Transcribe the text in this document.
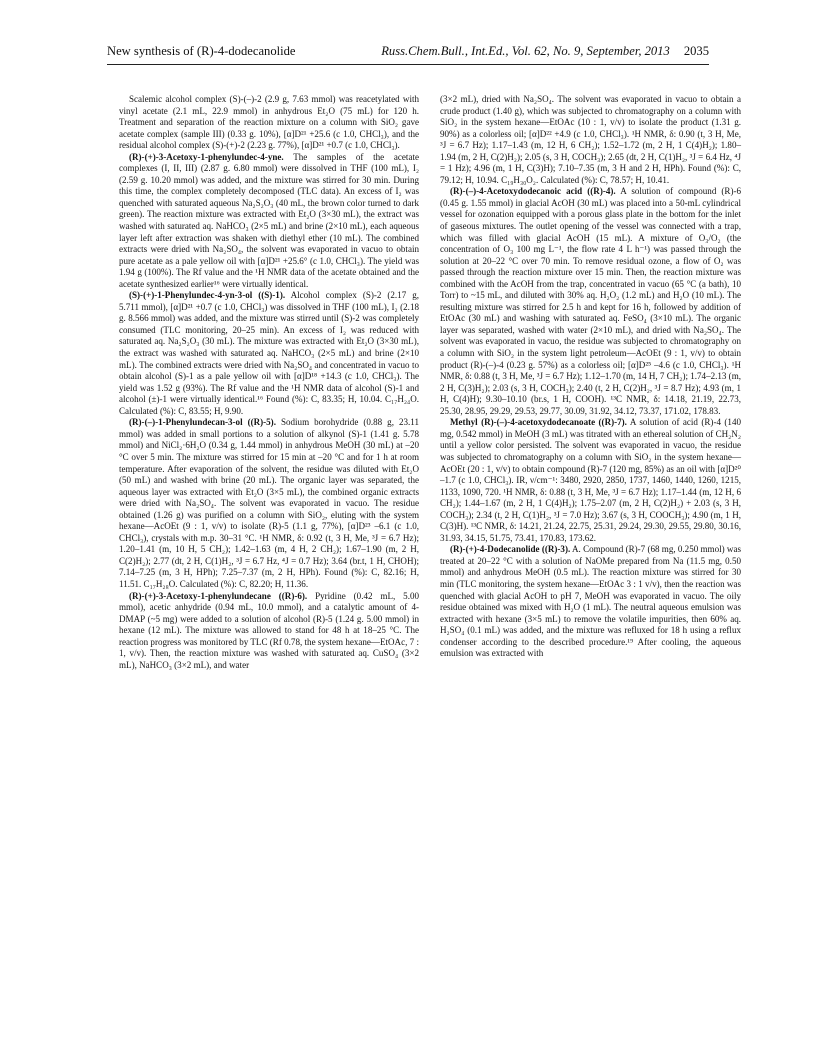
New synthesis of (R)-4-dodecanolide	Russ.Chem.Bull., Int.Ed., Vol. 62, No. 9, September, 2013 2035

Scalemic alcohol complex (S)-(–)-2 (2.9 g, 7.63 mmol) was reacetylated with vinyl acetate (2.1 mL, 22.9 mmol) in anhydrous Et₂O (75 mL) for 120 h. Treatment and separation of the reaction mixture on a column with SiO₂ gave acetate complex (sample III) (0.33 g. 10%), [α]D²¹ +25.6 (c 1.0, CHCl₃), and the residual alcohol complex (S)-(+)-2 (2.23 g. 77%), [α]D²¹ +0.7 (c 1.0, CHCl₃).

(R)-(+)-3-Acetoxy-1-phenylundec-4-yne. The samples of the acetate complexes (I, II, III) (2.87 g. 6.80 mmol) were dissolved in THF (100 mL), I₂ (2.59 g. 10.20 mmol) was added, and the mixture was stirred for 30 min. During this time, the complex completely decomposed (TLC data). An excess of I₂ was quenched with saturated aqueous Na₂S₂O₃ (40 mL, the brown color turned to dark green). The reaction mixture was extracted with Et₂O (3×30 mL), the extract was washed with saturated aq. NaHCO₃ (2×5 mL) and brine (2×10 mL), each aqueous layer left after extraction was shaken with diethyl ether (10 mL). The combined extracts were dried with Na₂SO₄, the solvent was evaporated in vacuo to obtain pure acetate as a pale yellow oil with [α]D²¹ +25.6° (c 1.0, CHCl₃). The yield was 1.94 g (100%). The Rf value and the ¹H NMR data of the acetate obtained and the acetate synthesized earlier¹⁶ were virtually identical.

(S)-(+)-1-Phenylundec-4-yn-3-ol ((S)-1). Alcohol complex (S)-2 (2.17 g, 5.711 mmol), [α]D²¹ +0.7 (c 1.0, CHCl₃) was dissolved in THF (100 mL), I₂ (2.18 g. 8.566 mmol) was added, and the mixture was stirred until (S)-2 was completely consumed (TLC monitoring, 20–25 min). An excess of I₂ was reduced with saturated aq. Na₂S₂O₃ (30 mL). The mixture was extracted with Et₂O (3×30 mL), the extract was washed with saturated aq. NaHCO₃ (2×5 mL) and brine (2×10 mL). The combined extracts were dried with Na₂SO₄ and concentrated in vacuo to obtain alcohol (S)-1 as a pale yellow oil with [α]D¹⁸ +14.3 (c 1.0, CHCl₃). The yield was 1.52 g (93%). The Rf value and the ¹H NMR data of alcohol (S)-1 and alcohol (±)-1 were virtually identical.¹⁶ Found (%): C, 83.35; H, 10.04. C₁₇H₂₄O. Calculated (%): C, 83.55; H, 9.90.

(R)-(–)-1-Phenylundecan-3-ol ((R)-5). Sodium borohydride (0.88 g, 23.11 mmol) was added in small portions to a solution of alkynol (S)-1 (1.41 g. 5.78 mmol) and NiCl₂·6H₂O (0.34 g, 1.44 mmol) in anhydrous MeOH (30 mL) at –20 °C over 5 min. The mixture was stirred for 15 min at –20 °C and for 1 h at room temperature. After evaporation of the solvent, the residue was diluted with Et₂O (50 mL) and washed with brine (20 mL). The organic layer was separated, the aqueous layer was extracted with Et₂O (3×5 mL), the combined organic extracts were dried with Na₂SO₄. The solvent was evaporated in vacuo. The residue obtained (1.26 g) was purified on a column with SiO₂, eluting with the system hexane—AcOEt (9 : 1, v/v) to isolate (R)-5 (1.1 g, 77%), [α]D²³ –6.1 (c 1.0, CHCl₃), crystals with m.p. 30–31 °C. ¹H NMR, δ: 0.92 (t, 3 H, Me, ³J = 6.7 Hz); 1.20–1.41 (m, 10 H, 5 CH₂); 1.42–1.63 (m, 4 H, 2 CH₂); 1.67–1.90 (m, 2 H, C(2)H₂); 2.77 (dt, 2 H, C(1)H₂, ³J = 6.7 Hz, ⁴J = 0.7 Hz); 3.64 (br.t, 1 H, CHOH); 7.14–7.25 (m, 3 H, HPh); 7.25–7.37 (m, 2 H, HPh). Found (%): C, 82.16; H, 11.51. C₁₇H₂₈O. Calculated (%): C, 82.20; H, 11.36.

(R)-(+)-3-Acetoxy-1-phenylundecane ((R)-6). Pyridine (0.42 mL, 5.00 mmol), acetic anhydride (0.94 mL, 10.0 mmol), and a catalytic amount of 4-DMAP (~5 mg) were added to a solution of alcohol (R)-5 (1.24 g. 5.00 mmol) in hexane (12 mL). The mixture was allowed to stand for 48 h at 18–25 °C. The reaction progress was monitored by TLC (Rf 0.78, the system hexane—EtOAc, 7 : 1, v/v). Then, the reaction mixture was washed with saturated aq. CuSO₄ (3×2 mL), NaHCO₃ (3×2 mL), and water

(3×2 mL), dried with Na₂SO₄. The solvent was evaporated in vacuo to obtain a crude product (1.40 g), which was subjected to chromatography on a column with SiO₂ in the system hexane—EtOAc (10 : 1, v/v) to isolate the product (1.31 g. 90%) as a colorless oil; [α]D²² +4.9 (c 1.0, CHCl₃). ¹H NMR, δ: 0.90 (t, 3 H, Me, ³J = 6.7 Hz); 1.17–1.43 (m, 12 H, 6 CH₂); 1.52–1.72 (m, 2 H, 1 C(4)H₂); 1.80–1.94 (m, 2 H, C(2)H₂); 2.05 (s, 3 H, COCH₃); 2.65 (dt, 2 H, C(1)H₂, ³J = 6.4 Hz, ⁴J = 1 Hz); 4.96 (m, 1 H, C(3)H); 7.10–7.35 (m, 3 H and 2 H, HPh). Found (%): C, 79.12; H, 10.94. C₁₉H₃₀O₂. Calculated (%): C, 78.57; H, 10.41.

(R)-(–)-4-Acetoxydodecanoic acid ((R)-4). A solution of compound (R)-6 (0.45 g. 1.55 mmol) in glacial AcOH (30 mL) was placed into a 50-mL cylindrical vessel for ozonation equipped with a porous glass plate in the bottom for the inlet of gaseous mixtures. The outlet opening of the vessel was connected with a trap, which was filled with glacial AcOH (15 mL). A mixture of O₃/O₂ (the concentration of O₃ 100 mg L⁻¹, the flow rate 4 L h⁻¹) was passed through the solution at 20–22 °C over 70 min. To remove residual ozone, a flow of O₂ was passed through the reaction mixture over 15 min. Then, the reaction mixture was combined with the AcOH from the trap, concentrated in vacuo (65 °C (a bath), 10 Torr) to ~15 mL, and diluted with 30% aq. H₂O₂ (1.2 mL) and H₂O (10 mL). The resulting mixture was stirred for 2.5 h and kept for 16 h, followed by addition of EtOAc (30 mL) and washing with saturated aq. FeSO₄ (3×10 mL). The organic layer was separated, washed with water (2×10 mL), and dried with Na₂SO₄. The solvent was evaporated in vacuo, the residue was subjected to chromatography on a column with SiO₂ in the system light petroleum—AcOEt (9 : 1, v/v) to obtain product (R)-(–)-4 (0.23 g. 57%) as a colorless oil; [α]D²⁵ –4.6 (c 1.0, CHCl₃). ¹H NMR, δ: 0.88 (t, 3 H, Me, ³J = 6.7 Hz); 1.12–1.70 (m, 14 H, 7 CH₂); 1.74–2.13 (m, 2 H, C(3)H₂); 2.03 (s, 3 H, COCH₃); 2.40 (t, 2 H, C(2)H₂, ³J = 8.7 Hz); 4.93 (m, 1 H, C(4)H); 9.30–10.10 (br.s, 1 H, COOH). ¹³C NMR, δ: 14.18, 21.19, 22.73, 25.30, 28.95, 29.29, 29.53, 29.77, 30.09, 31.92, 34.12, 73.37, 171.02, 178.83.

Methyl (R)-(–)-4-acetoxydodecanoate ((R)-7). A solution of acid (R)-4 (140 mg, 0.542 mmol) in MeOH (3 mL) was titrated with an ethereal solution of CH₂N₂ until a yellow color persisted. The solvent was evaporated in vacuo, the residue was subjected to chromatography on a column with SiO₂ in the system hexane—AcOEt (20 : 1, v/v) to obtain compound (R)-7 (120 mg, 85%) as an oil with [α]D²⁰ –1.7 (c 1.0, CHCl₃). IR, ν/cm⁻¹: 3480, 2920, 2850, 1737, 1460, 1440, 1260, 1215, 1133, 1090, 720. ¹H NMR, δ: 0.88 (t, 3 H, Me, ³J = 6.7 Hz); 1.17–1.44 (m, 12 H, 6 CH₂); 1.44–1.67 (m, 2 H, 1 C(4)H₂); 1.75–2.07 (m, 2 H, C(2)H₂) + 2.03 (s, 3 H, COCH₃); 2.34 (t, 2 H, C(1)H₂, ³J = 7.0 Hz); 3.67 (s, 3 H, COOCH₃); 4.90 (m, 1 H, C(3)H). ¹³C NMR, δ: 14.21, 21.24, 22.75, 25.31, 29.24, 29.30, 29.55, 29.80, 30.16, 31.93, 34.15, 51.75, 73.41, 170.83, 173.62.

(R)-(+)-4-Dodecanolide ((R)-3). A. Compound (R)-7 (68 mg, 0.250 mmol) was treated at 20–22 °C with a solution of NaOMe prepared from Na (11.5 mg, 0.50 mmol) and anhydrous MeOH (0.5 mL). The reaction mixture was stirred for 30 min (TLC monitoring, the system hexane—EtOAc 3 : 1 v/v), then the reaction was quenched with glacial AcOH to pH 7, MeOH was evaporated in vacuo. The oily residue obtained was mixed with H₂O (1 mL). The neutral aqueous emulsion was extracted with hexane (3×5 mL) to remove the volatile impurities, then 60% aq. H₂SO₄ (0.1 mL) was added, and the mixture was refluxed for 18 h using a reflux condenser according to the described procedure.¹⁹ After cooling, the aqueous emulsion was extracted with
